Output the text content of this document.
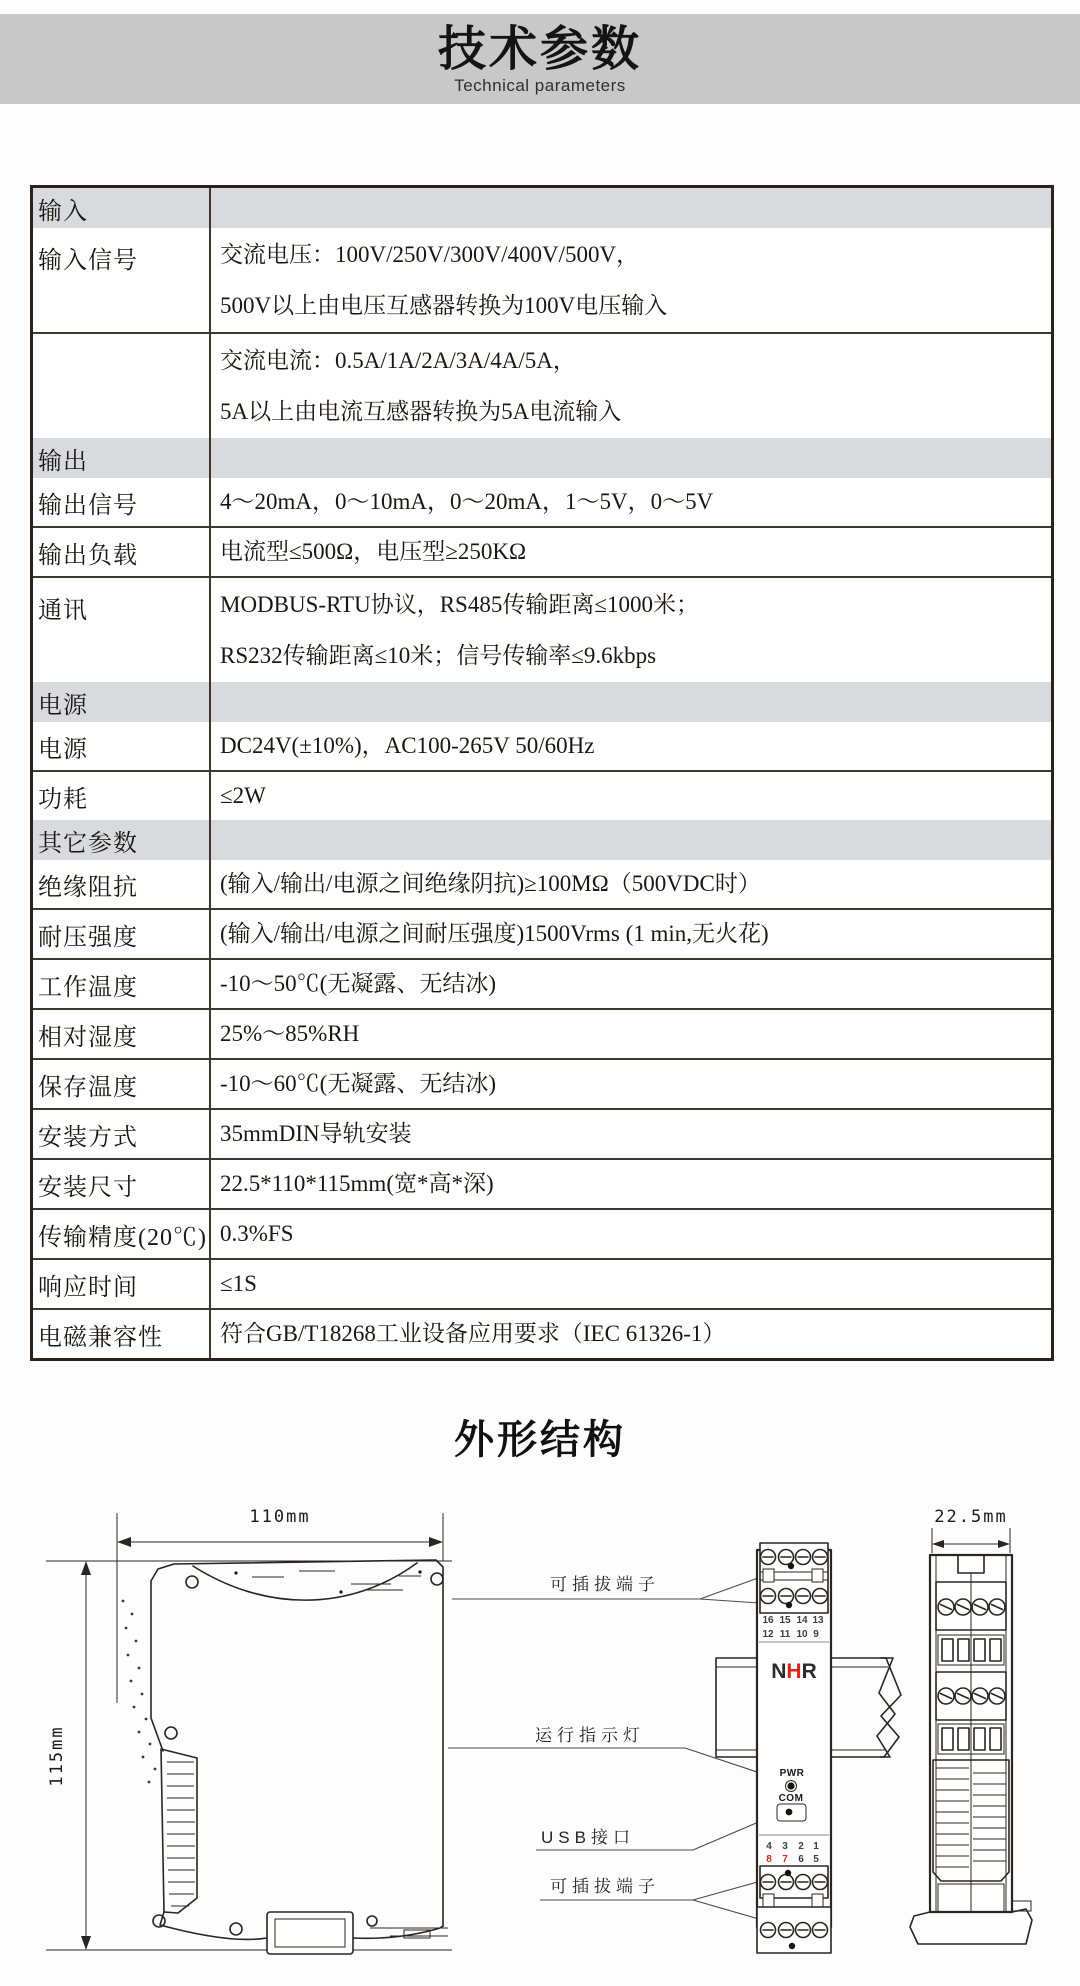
技术参数
Technical parameters
输入
输入信号	交流电压：100V/250V/300V/400V/500V，
500V以上由电压互感器转换为100V电压输入
交流电流：0.5A/1A/2A/3A/4A/5A，
5A以上由电流互感器转换为5A电流输入
输出
输出信号	4～20mA，0～10mA，0～20mA，1～5V，0～5V
输出负载	电流型≤500Ω，电压型≥250KΩ
通讯	MODBUS-RTU协议，RS485传输距离≤1000米；
RS232传输距离≤10米；信号传输率≤9.6kbps
电源
电源	DC24V(±10%)，AC100-265V 50/60Hz
功耗	≤2W
其它参数
绝缘阻抗	(输入/输出/电源之间绝缘阴抗)≥100MΩ（500VDC时）
耐压强度	(输入/输出/电源之间耐压强度)1500Vrms (1 min,无火花)
工作温度	-10～50℃(无凝露、无结冰)
相对湿度	25%～85%RH
保存温度	-10～60℃(无凝露、无结冰)
安装方式	35mmDIN导轨安装
安装尺寸	22.5*110*115mm(宽*高*深)
传输精度(20℃) 0.3%FS
响应时间	≤1S
电磁兼容性	符合GB/T18268工业设备应用要求（IEC 61326-1）
外形结构
110mm
115mm
可插拔端子
运行指示灯
USB接口
可插拔端子
16 15 14 13
12 11 10 9
NHR
PWR
COM
4 3 2 1
8 7 6 5
22.5mm
